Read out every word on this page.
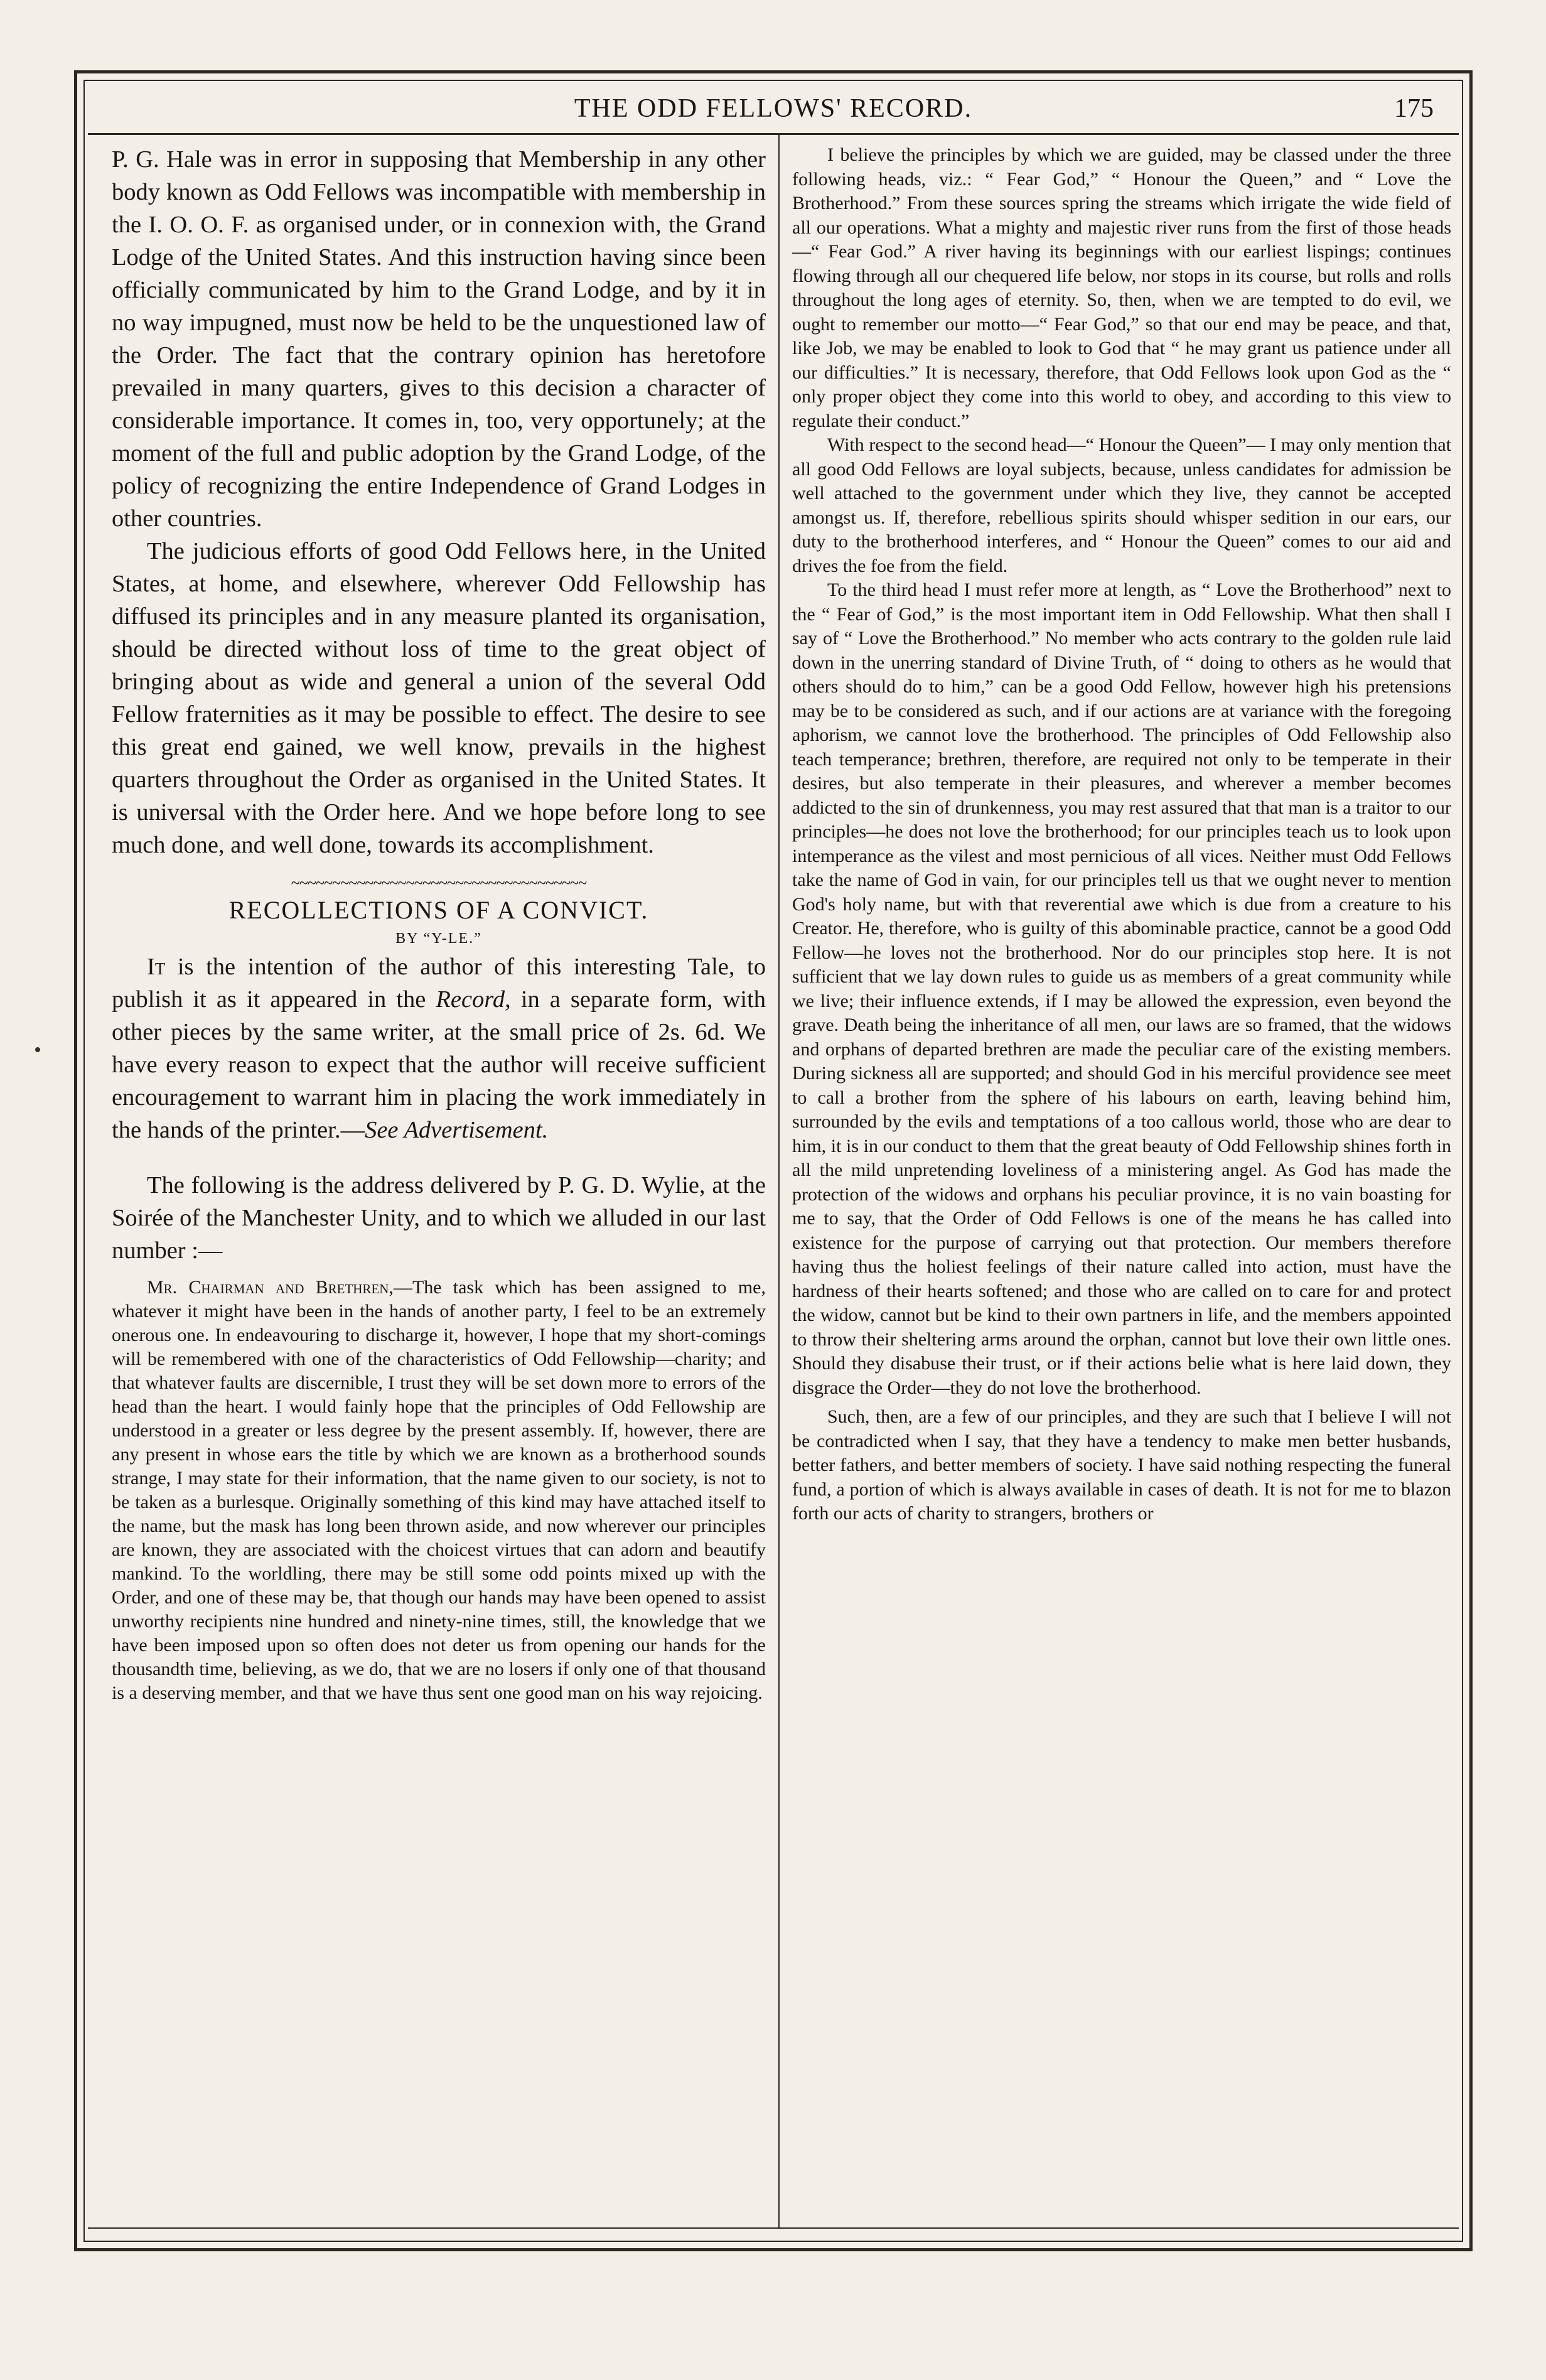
THE ODD FELLOWS' RECORD.	175

P. G. Hale was in error in supposing that Membership in any other body known as Odd Fellows was incompatible with membership in the I. O. O. F. as organised under, or in connexion with, the Grand Lodge of the United States. And this instruction having since been officially communicated by him to the Grand Lodge, and by it in no way impugned, must now be held to be the unquestioned law of the Order. The fact that the contrary opinion has heretofore prevailed in many quarters, gives to this decision a character of considerable importance. It comes in, too, very opportunely; at the moment of the full and public adoption by the Grand Lodge, of the policy of recognizing the entire Independence of Grand Lodges in other countries.

The judicious efforts of good Odd Fellows here, in the United States, at home, and elsewhere, wherever Odd Fellowship has diffused its principles and in any measure planted its organisation, should be directed without loss of time to the great object of bringing about as wide and general a union of the several Odd Fellow fraternities as it may be possible to effect. The desire to see this great end gained, we well know, prevails in the highest quarters throughout the Order as organised in the United States. It is universal with the Order here. And we hope before long to see much done, and well done, towards its accomplishment.

~~~~~~~~~~~~~~~~~~~~~~~~~~~~~~~~~~~~
RECOLLECTIONS OF A CONVICT.
BY “Y-LE.”

It is the intention of the author of this interesting Tale, to publish it as it appeared in the Record, in a separate form, with other pieces by the same writer, at the small price of 2s. 6d. We have every reason to expect that the author will receive sufficient encouragement to warrant him in placing the work immediately in the hands of the printer.—See Advertisement.

The following is the address delivered by P. G. D. Wylie, at the Soirée of the Manchester Unity, and to which we alluded in our last number :—

Mr. Chairman and Brethren,—The task which has been assigned to me, whatever it might have been in the hands of another party, I feel to be an extremely onerous one. In endeavouring to discharge it, however, I hope that my short-comings will be remembered with one of the characteristics of Odd Fellowship—charity; and that whatever faults are discernible, I trust they will be set down more to errors of the head than the heart. I would fainly hope that the principles of Odd Fellowship are understood in a greater or less degree by the present assembly. If, however, there are any present in whose ears the title by which we are known as a brotherhood sounds strange, I may state for their information, that the name given to our society, is not to be taken as a burlesque. Originally something of this kind may have attached itself to the name, but the mask has long been thrown aside, and now wherever our principles are known, they are associated with the choicest virtues that can adorn and beautify mankind. To the worldling, there may be still some odd points mixed up with the Order, and one of these may be, that though our hands may have been opened to assist unworthy recipients nine hundred and ninety-nine times, still, the knowledge that we have been imposed upon so often does not deter us from opening our hands for the thousandth time, believing, as we do, that we are no losers if only one of that thousand is a deserving member, and that we have thus sent one good man on his way rejoicing.

I believe the principles by which we are guided, may be classed under the three following heads, viz.: “ Fear God,” “ Honour the Queen,” and “ Love the Brotherhood.” From these sources spring the streams which irrigate the wide field of all our operations. What a mighty and majestic river runs from the first of those heads—“ Fear God.” A river having its beginnings with our earliest lispings; continues flowing through all our chequered life below, nor stops in its course, but rolls and rolls throughout the long ages of eternity. So, then, when we are tempted to do evil, we ought to remember our motto—“ Fear God,” so that our end may be peace, and that, like Job, we may be enabled to look to God that “ he may grant us patience under all our difficulties.” It is necessary, therefore, that Odd Fellows look upon God as the “ only proper object they come into this world to obey, and according to this view to regulate their conduct.”

With respect to the second head—“ Honour the Queen”— I may only mention that all good Odd Fellows are loyal subjects, because, unless candidates for admission be well attached to the government under which they live, they cannot be accepted amongst us. If, therefore, rebellious spirits should whisper sedition in our ears, our duty to the brotherhood interferes, and “ Honour the Queen” comes to our aid and drives the foe from the field.

To the third head I must refer more at length, as “ Love the Brotherhood” next to the “ Fear of God,” is the most important item in Odd Fellowship. What then shall I say of “ Love the Brotherhood.” No member who acts contrary to the golden rule laid down in the unerring standard of Divine Truth, of “ doing to others as he would that others should do to him,” can be a good Odd Fellow, however high his pretensions may be to be considered as such, and if our actions are at variance with the foregoing aphorism, we cannot love the brotherhood. The principles of Odd Fellowship also teach temperance; brethren, therefore, are required not only to be temperate in their desires, but also temperate in their pleasures, and wherever a member becomes addicted to the sin of drunkenness, you may rest assured that that man is a traitor to our principles—he does not love the brotherhood; for our principles teach us to look upon intemperance as the vilest and most pernicious of all vices. Neither must Odd Fellows take the name of God in vain, for our principles tell us that we ought never to mention God's holy name, but with that reverential awe which is due from a creature to his Creator. He, therefore, who is guilty of this abominable practice, cannot be a good Odd Fellow—he loves not the brotherhood. Nor do our principles stop here. It is not sufficient that we lay down rules to guide us as members of a great community while we live; their influence extends, if I may be allowed the expression, even beyond the grave. Death being the inheritance of all men, our laws are so framed, that the widows and orphans of departed brethren are made the peculiar care of the existing members. During sickness all are supported; and should God in his merciful providence see meet to call a brother from the sphere of his labours on earth, leaving behind him, surrounded by the evils and temptations of a too callous world, those who are dear to him, it is in our conduct to them that the great beauty of Odd Fellowship shines forth in all the mild unpretending loveliness of a ministering angel. As God has made the protection of the widows and orphans his peculiar province, it is no vain boasting for me to say, that the Order of Odd Fellows is one of the means he has called into existence for the purpose of carrying out that protection. Our members therefore having thus the holiest feelings of their nature called into action, must have the hardness of their hearts softened; and those who are called on to care for and protect the widow, cannot but be kind to their own partners in life, and the members appointed to throw their sheltering arms around the orphan, cannot but love their own little ones. Should they disabuse their trust, or if their actions belie what is here laid down, they disgrace the Order—they do not love the brotherhood.

Such, then, are a few of our principles, and they are such that I believe I will not be contradicted when I say, that they have a tendency to make men better husbands, better fathers, and better members of society. I have said nothing respecting the funeral fund, a portion of which is always available in cases of death. It is not for me to blazon forth our acts of charity to strangers, brothers or
